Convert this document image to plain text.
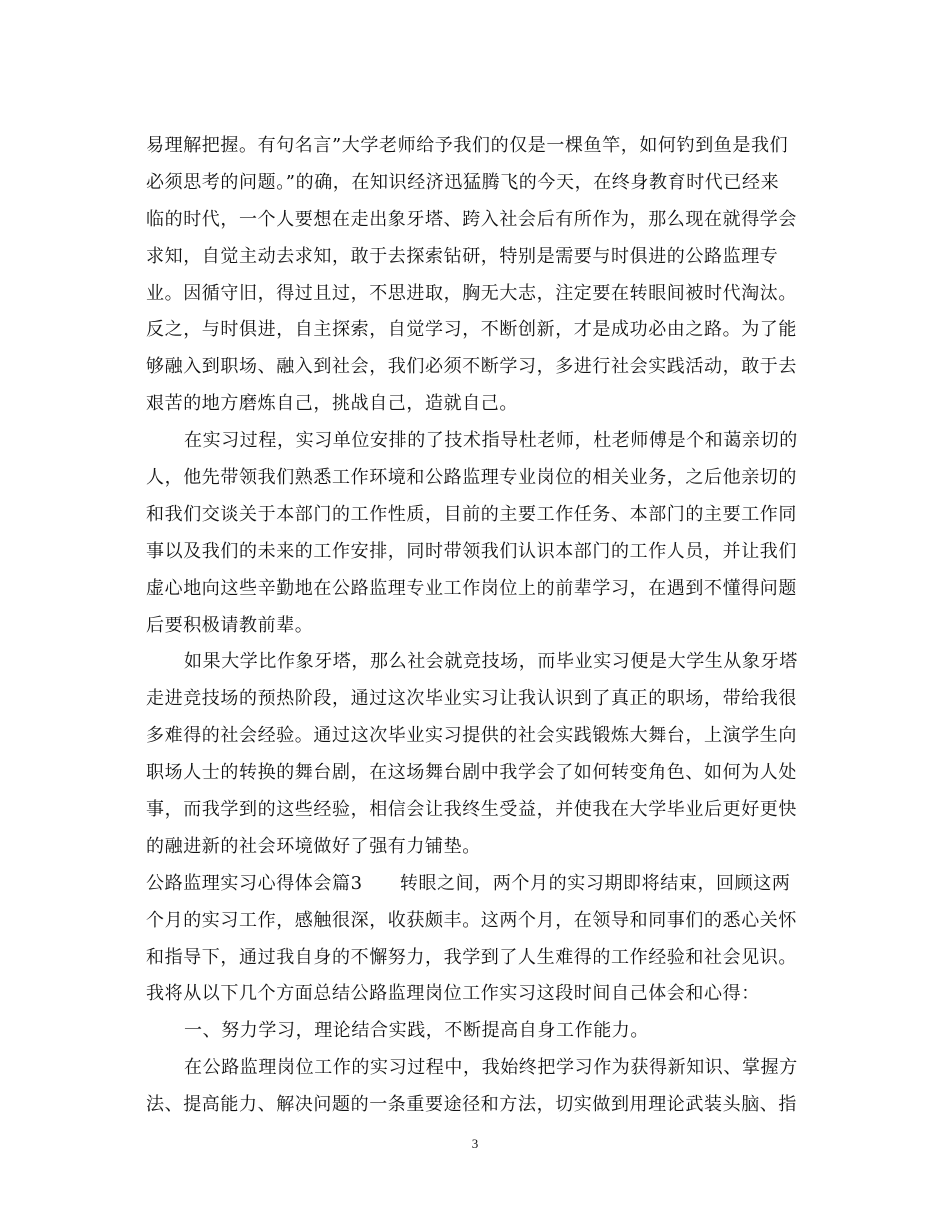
易理解把握。有句名言”大学老师给予我们的仅是一棵鱼竿，如何钓到鱼是我们
必须思考的问题。”的确，在知识经济迅猛腾飞的今天，在终身教育时代已经来
临的时代，一个人要想在走出象牙塔、跨入社会后有所作为，那么现在就得学会
求知，自觉主动去求知，敢于去探索钻研，特别是需要与时俱进的公路监理专
业。因循守旧，得过且过，不思进取，胸无大志，注定要在转眼间被时代淘汰。
反之，与时俱进，自主探索，自觉学习，不断创新，才是成功必由之路。为了能
够融入到职场、融入到社会，我们必须不断学习，多进行社会实践活动，敢于去
艰苦的地方磨炼自己，挑战自己，造就自己。
在实习过程，实习单位安排的了技术指导杜老师，杜老师傅是个和蔼亲切的
人，他先带领我们熟悉工作环境和公路监理专业岗位的相关业务，之后他亲切的
和我们交谈关于本部门的工作性质，目前的主要工作任务、本部门的主要工作同
事以及我们的未来的工作安排，同时带领我们认识本部门的工作人员，并让我们
虚心地向这些辛勤地在公路监理专业工作岗位上的前辈学习，在遇到不懂得问题
后要积极请教前辈。
如果大学比作象牙塔，那么社会就竞技场，而毕业实习便是大学生从象牙塔
走进竞技场的预热阶段，通过这次毕业实习让我认识到了真正的职场，带给我很
多难得的社会经验。通过这次毕业实习提供的社会实践锻炼大舞台，上演学生向
职场人士的转换的舞台剧，在这场舞台剧中我学会了如何转变角色、如何为人处
事，而我学到的这些经验，相信会让我终生受益，并使我在大学毕业后更好更快
的融进新的社会环境做好了强有力铺垫。
公路监理实习心得体会篇3　　转眼之间，两个月的实习期即将结束，回顾这两
个月的实习工作，感触很深，收获颇丰。这两个月，在领导和同事们的悉心关怀
和指导下，通过我自身的不懈努力，我学到了人生难得的工作经验和社会见识。
我将从以下几个方面总结公路监理岗位工作实习这段时间自己体会和心得：
一、努力学习，理论结合实践，不断提高自身工作能力。
在公路监理岗位工作的实习过程中，我始终把学习作为获得新知识、掌握方
法、提高能力、解决问题的一条重要途径和方法，切实做到用理论武装头脑、指
3
